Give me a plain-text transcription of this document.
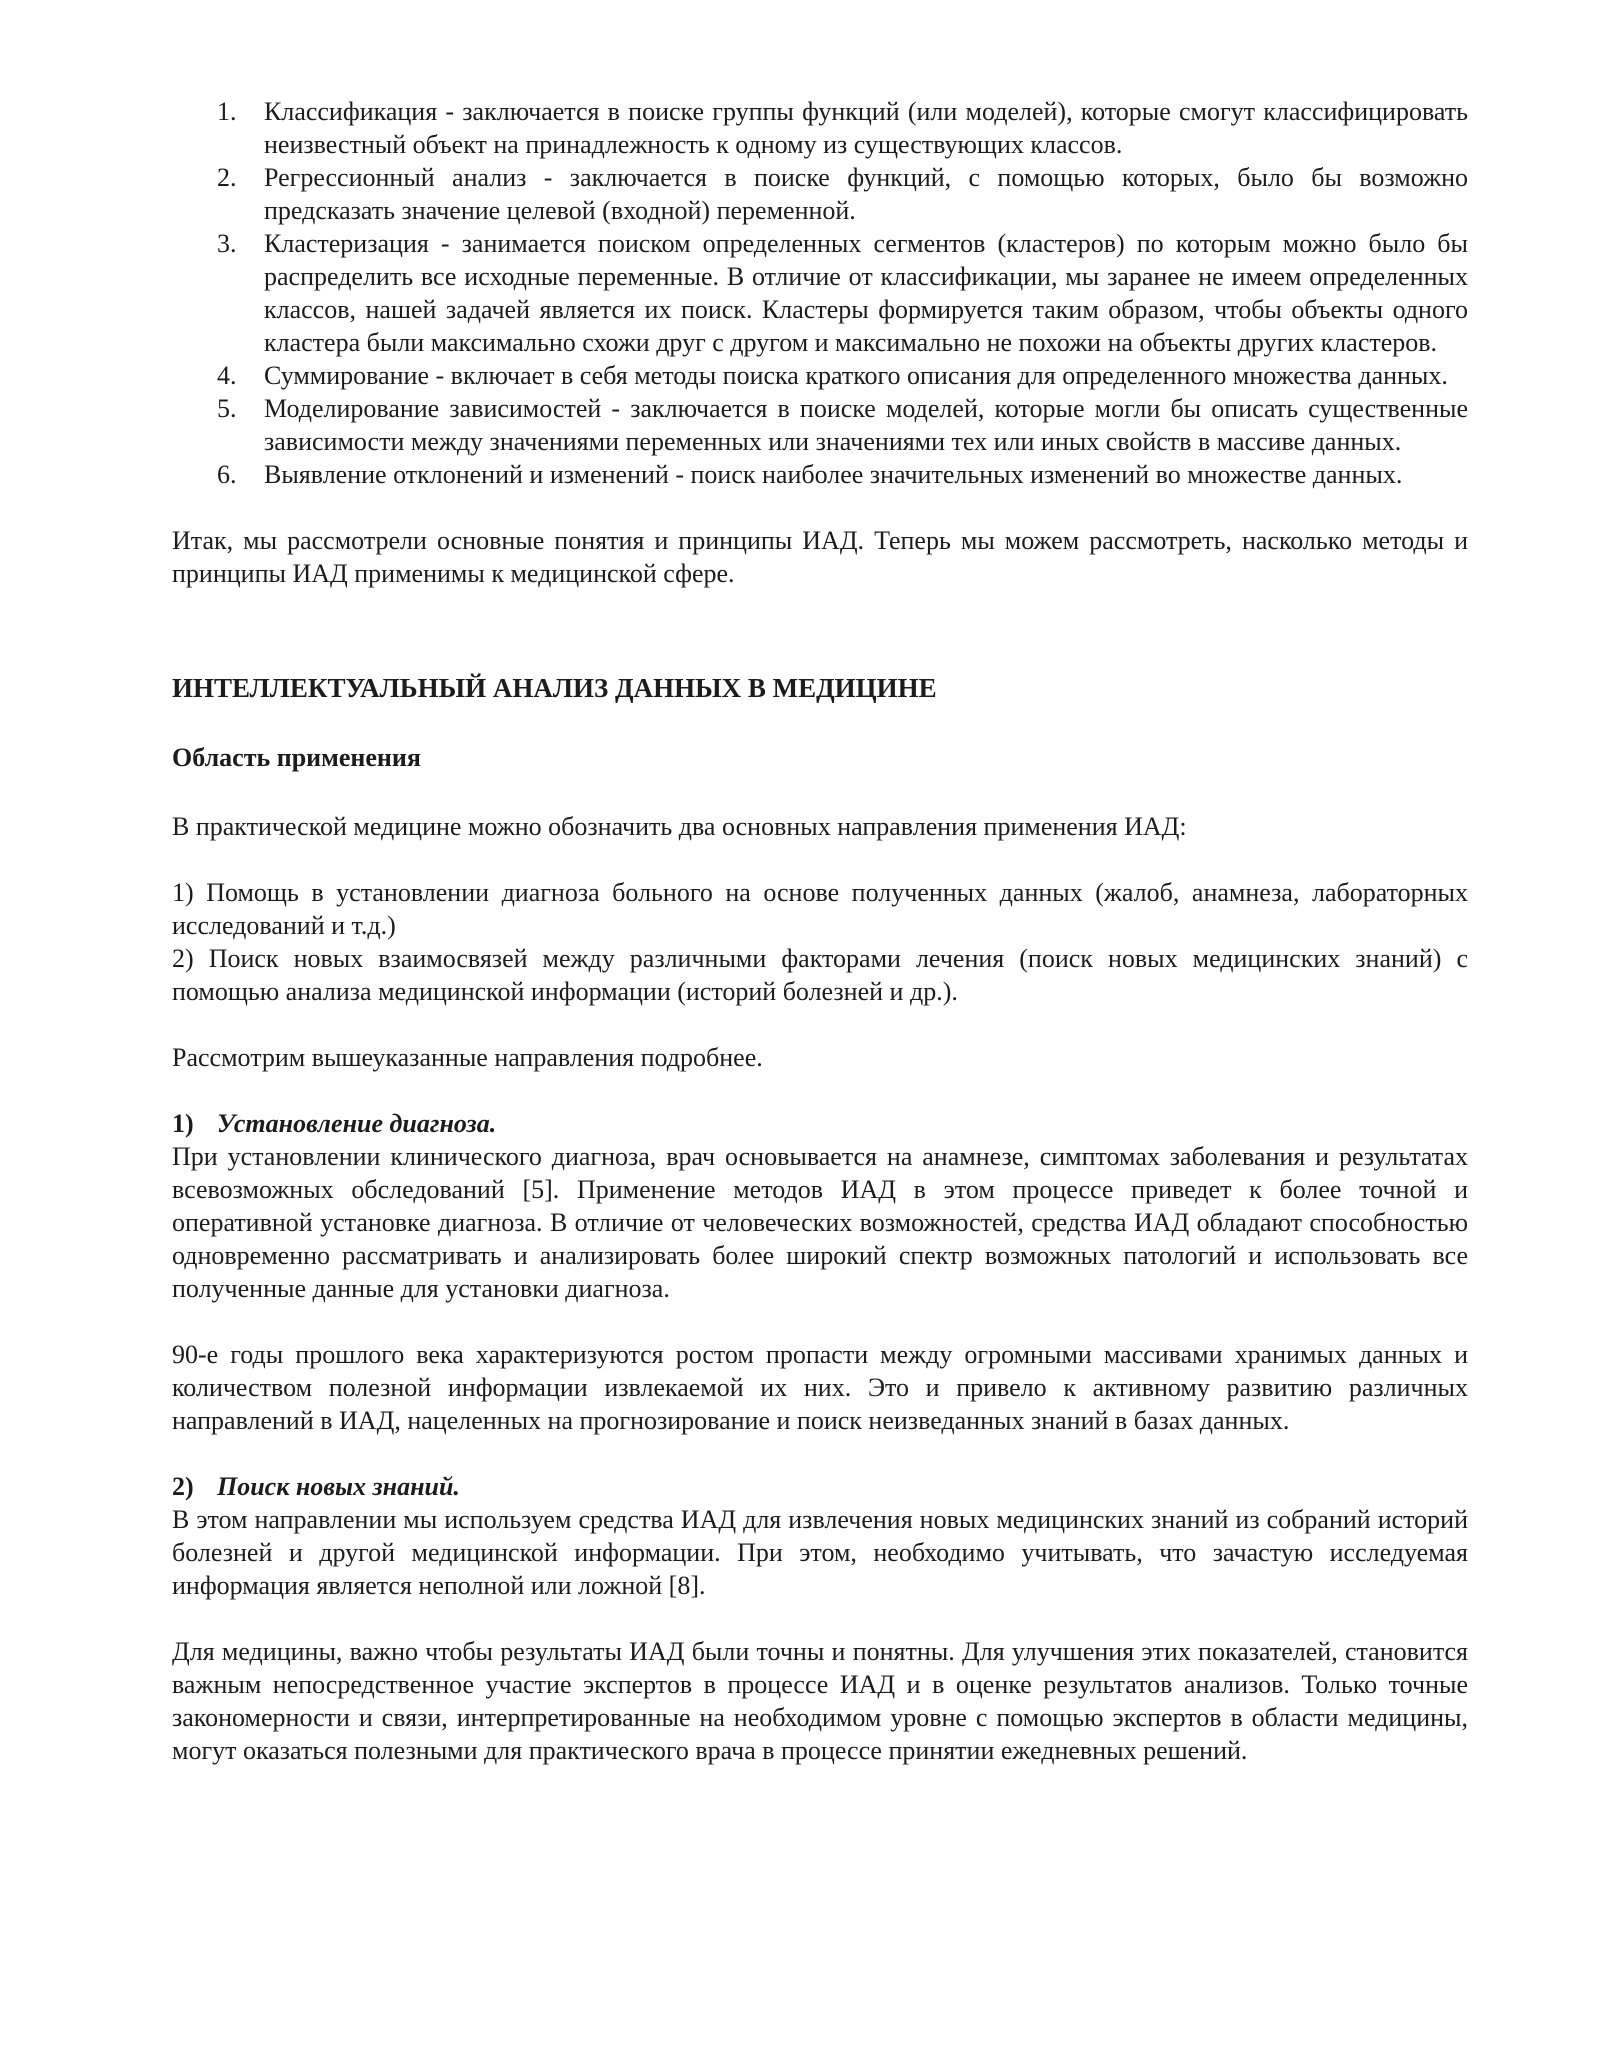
1.	Классификация - заключается в поиске группы функций (или моделей), которые смогут классифицировать неизвестный объект на принадлежность к одному из существующих классов.
2.	Регрессионный анализ - заключается в поиске функций, с помощью которых, было бы возможно предсказать значение целевой (входной) переменной.
3.	Кластеризация - занимается поиском определенных сегментов (кластеров) по которым можно было бы распределить все исходные переменные. В отличие от классификации, мы заранее не имеем определенных классов, нашей задачей является их поиск. Кластеры формируется таким образом, чтобы объекты одного кластера были максимально схожи друг с другом и максимально не похожи на объекты других кластеров.
4.	Суммирование - включает в себя методы поиска краткого описания для определенного множества данных.
5.	Моделирование зависимостей - заключается в поиске моделей, которые могли бы описать существенные зависимости между значениями переменных или значениями тех или иных свойств в массиве данных.
6.	Выявление отклонений и изменений - поиск наиболее значительных изменений во множестве данных.

Итак, мы рассмотрели основные понятия и принципы ИАД. Теперь мы можем рассмотреть, насколько методы и принципы ИАД применимы к медицинской сфере.

ИНТЕЛЛЕКТУАЛЬНЫЙ АНАЛИЗ ДАННЫХ В МЕДИЦИНЕ
Область применения

В практической медицине можно обозначить два основных направления применения ИАД:

1) Помощь в установлении диагноза больного на основе полученных данных (жалоб, анамнеза, лабораторных исследований и т.д.)

2) Поиск новых взаимосвязей между различными факторами лечения (поиск новых медицинских знаний) с помощью анализа медицинской информации (историй болезней и др.).

Рассмотрим вышеуказанные направления подробнее.

1) Установление диагноза.

При установлении клинического диагноза, врач основывается на анамнезе, симптомах заболевания и результатах всевозможных обследований [5]. Применение методов ИАД в этом процессе приведет к более точной и оперативной установке диагноза. В отличие от человеческих возможностей, средства ИАД обладают способностью одновременно рассматривать и анализировать более широкий спектр возможных патологий и использовать все полученные данные для установки диагноза.

90-е годы прошлого века характеризуются ростом пропасти между огромными массивами хранимых данных и количеством полезной информации извлекаемой их них. Это и привело к активному развитию различных направлений в ИАД, нацеленных на прогнозирование и поиск неизведанных знаний в базах данных.

2) Поиск новых знаний.

В этом направлении мы используем средства ИАД для извлечения новых медицинских знаний из собраний историй болезней и другой медицинской информации. При этом, необходимо учитывать, что зачастую исследуемая информация является неполной или ложной [8].

Для медицины, важно чтобы результаты ИАД были точны и понятны. Для улучшения этих показателей, становится важным непосредственное участие экспертов в процессе ИАД и в оценке результатов анализов. Только точные закономерности и связи, интерпретированные на необходимом уровне с помощью экспертов в области медицины, могут оказаться полезными для практического врача в процессе принятии ежедневных решений.
